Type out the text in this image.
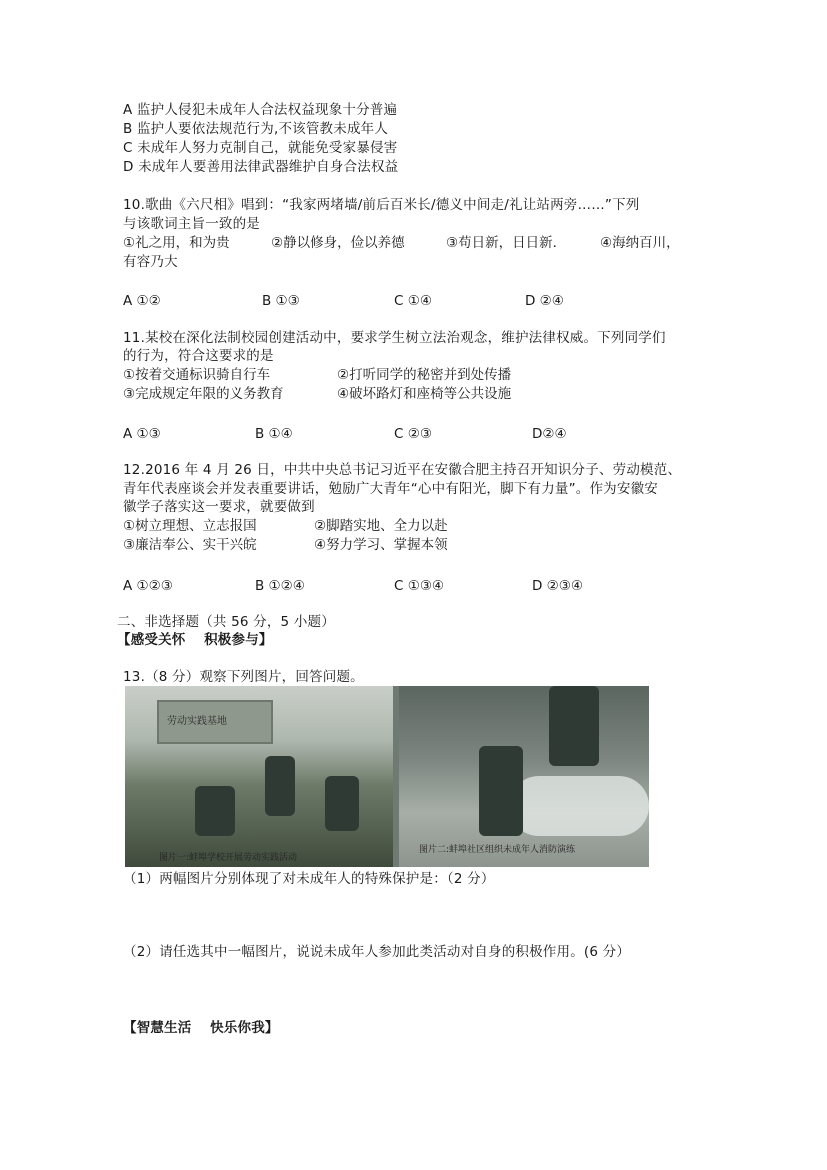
A 监护人侵犯未成年人合法权益现象十分普遍
B 监护人要依法规范行为,不该管教未成年人
C 未成年人努力克制自己，就能免受家暴侵害
D 未成年人要善用法律武器维护自身合法权益
10.歌曲《六尺相》唱到：“我家两堵墙/前后百米长/德义中间走/礼让站两旁……”下列
与该歌词主旨一致的是
①礼之用，和为贵	②静以修身，俭以养德	③苟日新，日日新．	④海纳百川，
有容乃大
A ①②	B ①③	C ①④	D ②④
11.某校在深化法制校园创建活动中，要求学生树立法治观念，维护法律权威。下列同学们
的行为，符合这要求的是
①按着交通标识骑自行车	②打听同学的秘密并到处传播
③完成规定年限的义务教育	④破坏路灯和座椅等公共设施
A ①③	B ①④	C ②③	D②④
12.2016 年 4 月 26 日，中共中央总书记习近平在安徽合肥主持召开知识分子、劳动模范、
青年代表座谈会并发表重要讲话，勉励广大青年“心中有阳光，脚下有力量”。作为安徽安
徽学子落实这一要求，就要做到
①树立理想、立志报国	②脚踏实地、全力以赴
③廉洁奉公、实干兴皖	④努力学习、掌握本领
A ①②③	B ①②④	C ①③④	D ②③④
二、非选择题（共 56 分，5 小题）
【感受关怀　 积极参与】
13.（8 分）观察下列图片，回答问题。
劳动实践基地
图片一:蚌埠学校开展劳动实践活动
图片二:蚌埠社区组织未成年人消防演练
（1）两幅图片分别体现了对未成年人的特殊保护是：（2 分）
（2）请任选其中一幅图片，说说未成年人参加此类活动对自身的积极作用。(6 分）
【智慧生活　 快乐你我】
